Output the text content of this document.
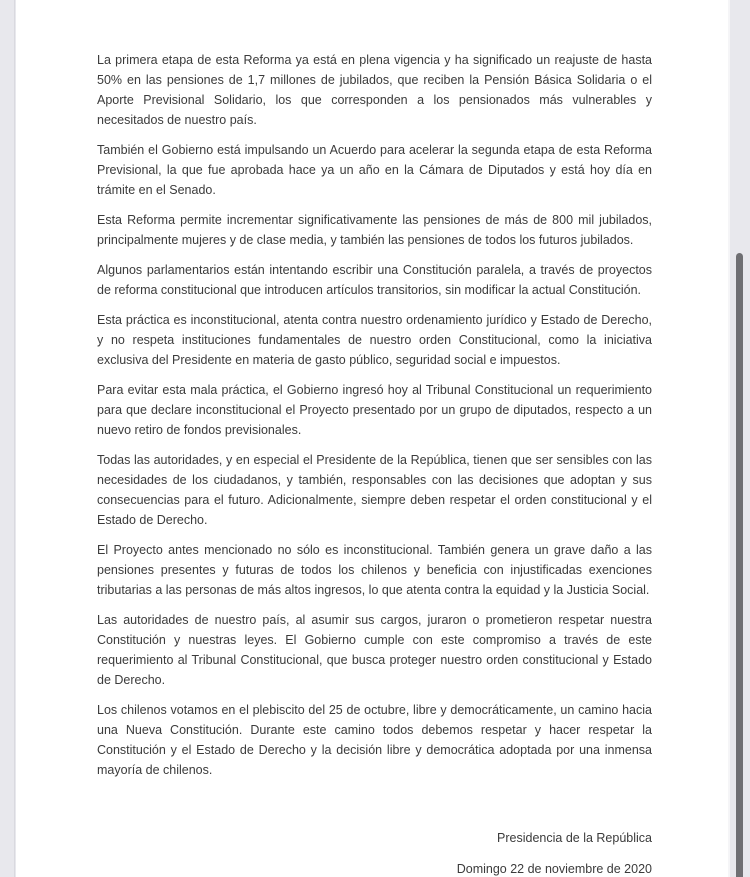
La primera etapa de esta Reforma ya está en plena vigencia y ha significado un reajuste de hasta 50% en las pensiones de 1,7 millones de jubilados, que reciben la Pensión Básica Solidaria o el Aporte Previsional Solidario, los que corresponden a los pensionados más vulnerables y necesitados de nuestro país.

También el Gobierno está impulsando un Acuerdo para acelerar la segunda etapa de esta Reforma Previsional, la que fue aprobada hace ya un año en la Cámara de Diputados y está hoy día en trámite en el Senado.

Esta Reforma permite incrementar significativamente las pensiones de más de 800 mil jubilados, principalmente mujeres y de clase media, y también las pensiones de todos los futuros jubilados.

Algunos parlamentarios están intentando escribir una Constitución paralela, a través de proyectos de reforma constitucional que introducen artículos transitorios, sin modificar la actual Constitución.

Esta práctica es inconstitucional, atenta contra nuestro ordenamiento jurídico y Estado de Derecho, y no respeta instituciones fundamentales de nuestro orden Constitucional, como la iniciativa exclusiva del Presidente en materia de gasto público, seguridad social e impuestos.

Para evitar esta mala práctica, el Gobierno ingresó hoy al Tribunal Constitucional un requerimiento para que declare inconstitucional el Proyecto presentado por un grupo de diputados, respecto a un nuevo retiro de fondos previsionales.

Todas las autoridades, y en especial el Presidente de la República, tienen que ser sensibles con las necesidades de los ciudadanos, y también, responsables con las decisiones que adoptan y sus consecuencias para el futuro. Adicionalmente, siempre deben respetar el orden constitucional y el Estado de Derecho.

El Proyecto antes mencionado no sólo es inconstitucional. También genera un grave daño a las pensiones presentes y futuras de todos los chilenos y beneficia con injustificadas exenciones tributarias a las personas de más altos ingresos, lo que atenta contra la equidad y la Justicia Social.

Las autoridades de nuestro país, al asumir sus cargos, juraron o prometieron respetar nuestra Constitución y nuestras leyes. El Gobierno cumple con este compromiso a través de este requerimiento al Tribunal Constitucional, que busca proteger nuestro orden constitucional y Estado de Derecho.

Los chilenos votamos en el plebiscito del 25 de octubre, libre y democráticamente, un camino hacia una Nueva Constitución. Durante este camino todos debemos respetar y hacer respetar la Constitución y el Estado de Derecho y la decisión libre y democrática adoptada por una inmensa mayoría de chilenos.

Presidencia de la República

Domingo 22 de noviembre de 2020
